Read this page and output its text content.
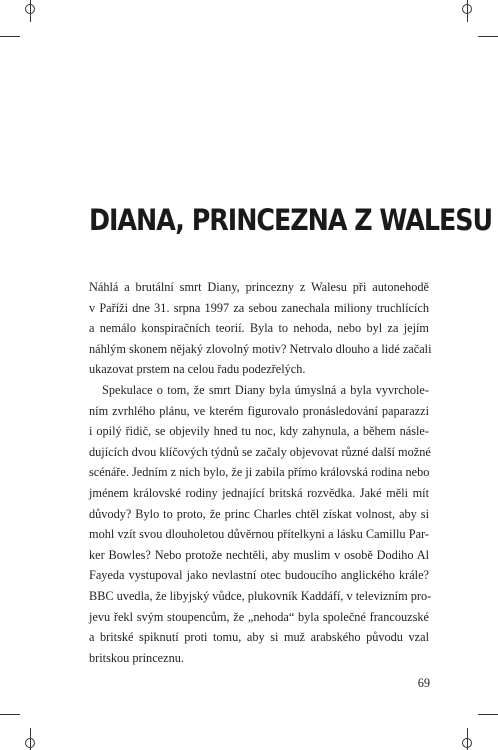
DIANA, PRINCEZNA Z WALESU
Náhlá a brutální smrt Diany, princezny z Walesu při autonehodě
v Paříži dne 31. srpna 1997 za sebou zanechala miliony truchlících
a nemálo konspiračních teorií. Byla to nehoda, nebo byl za jejím
náhlým skonem nějaký zlovolný motiv? Netrvalo dlouho a lidé začali
ukazovat prstem na celou řadu podezřelých.
Spekulace o tom, že smrt Diany byla úmyslná a byla vyvrchole-
ním zvrhlého plánu, ve kterém figurovalo pronásledování paparazzi
i opilý řidič, se objevily hned tu noc, kdy zahynula, a během násle-
dujících dvou klíčových týdnů se začaly objevovat různé další možné
scénáře. Jedním z nich bylo, že ji zabila přímo královská rodina nebo
jménem královské rodiny jednající britská rozvědka. Jaké měli mít
důvody? Bylo to proto, že princ Charles chtěl získat volnost, aby si
mohl vzít svou dlouholetou důvěrnou přítelkyni a lásku Camillu Par-
ker Bowles? Nebo protože nechtěli, aby muslim v osobě Dodiho Al
Fayeda vystupoval jako nevlastní otec budoucího anglického krále?
BBC uvedla, že libyjský vůdce, plukovník Kaddáfí, v televizním pro-
jevu řekl svým stoupencům, že „nehoda“ byla společné francouzské
a britské spiknutí proti tomu, aby si muž arabského původu vzal
britskou princeznu.
69
